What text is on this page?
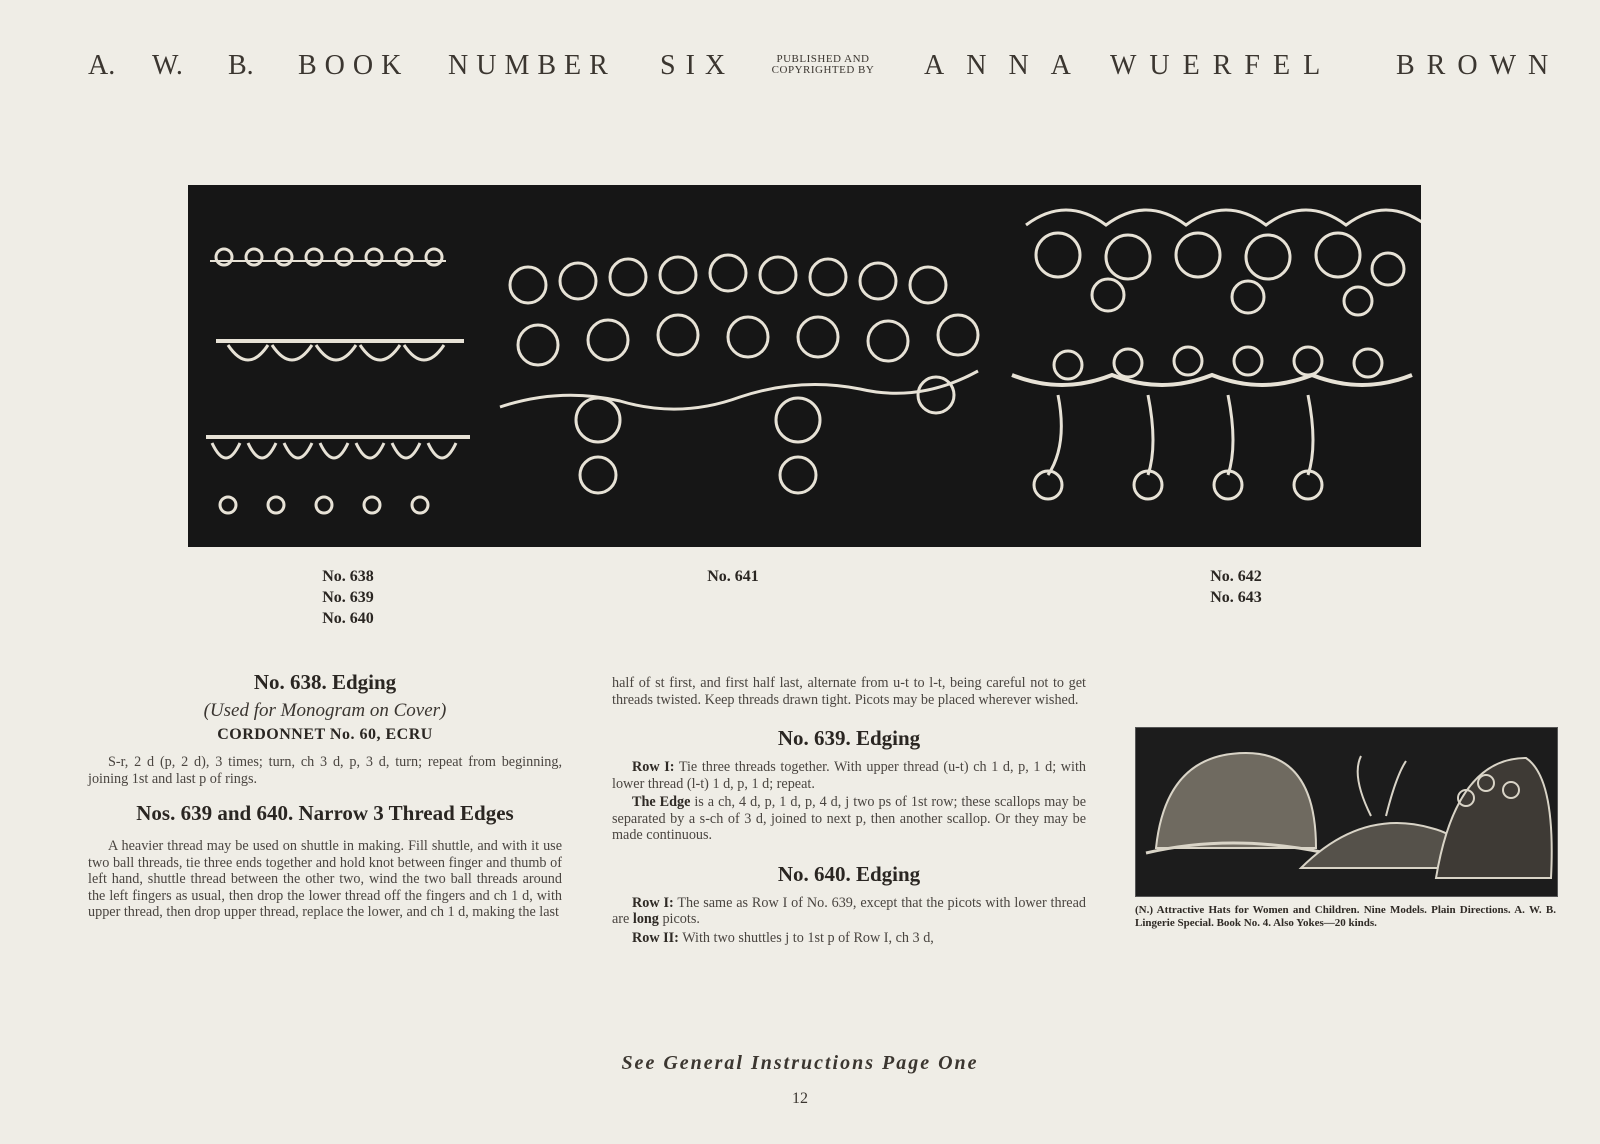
A. W. B. BOOK NUMBER SIX	PUBLISHED AND
COPYRIGHTED BY	ANNA WUERFEL BROWN
No. 638
No. 639
No. 640
No. 641	No. 642
No. 643
No. 638. Edging
(Used for Monogram on Cover)
CORDONNET No. 60, ECRU

S-r, 2 d (p, 2 d), 3 times; turn, ch 3 d, p, 3 d, turn; repeat from beginning, joining 1st and last p of rings.

Nos. 639 and 640. Narrow 3 Thread Edges

A heavier thread may be used on shuttle in making. Fill shuttle, and with it use two ball threads, tie three ends together and hold knot between finger and thumb of left hand, shuttle thread between the other two, wind the two ball threads around the left fingers as usual, then drop the lower thread off the fingers and ch 1 d, with upper thread, then drop upper thread, replace the lower, and ch 1 d, making the last

half of st first, and first half last, alternate from u-t to l-t, being careful not to get threads twisted. Keep threads drawn tight. Picots may be placed wherever wished.

No. 639. Edging

Row I: Tie three threads together. With upper thread (u-t) ch 1 d, p, 1 d; with lower thread (l-t) 1 d, p, 1 d; repeat.

The Edge is a ch, 4 d, p, 1 d, p, 4 d, j two ps of 1st row; these scallops may be separated by a s-ch of 3 d, joined to next p, then another scallop. Or they may be made continuous.

No. 640. Edging

Row I: The same as Row I of No. 639, except that the picots with lower thread are long picots.

Row II: With two shuttles j to 1st p of Row I, ch 3 d,

(N.) Attractive Hats for Women and Children. Nine Models. Plain Directions. A. W. B. Lingerie Special. Book No. 4. Also Yokes—20 kinds.
See General Instructions Page One
12
